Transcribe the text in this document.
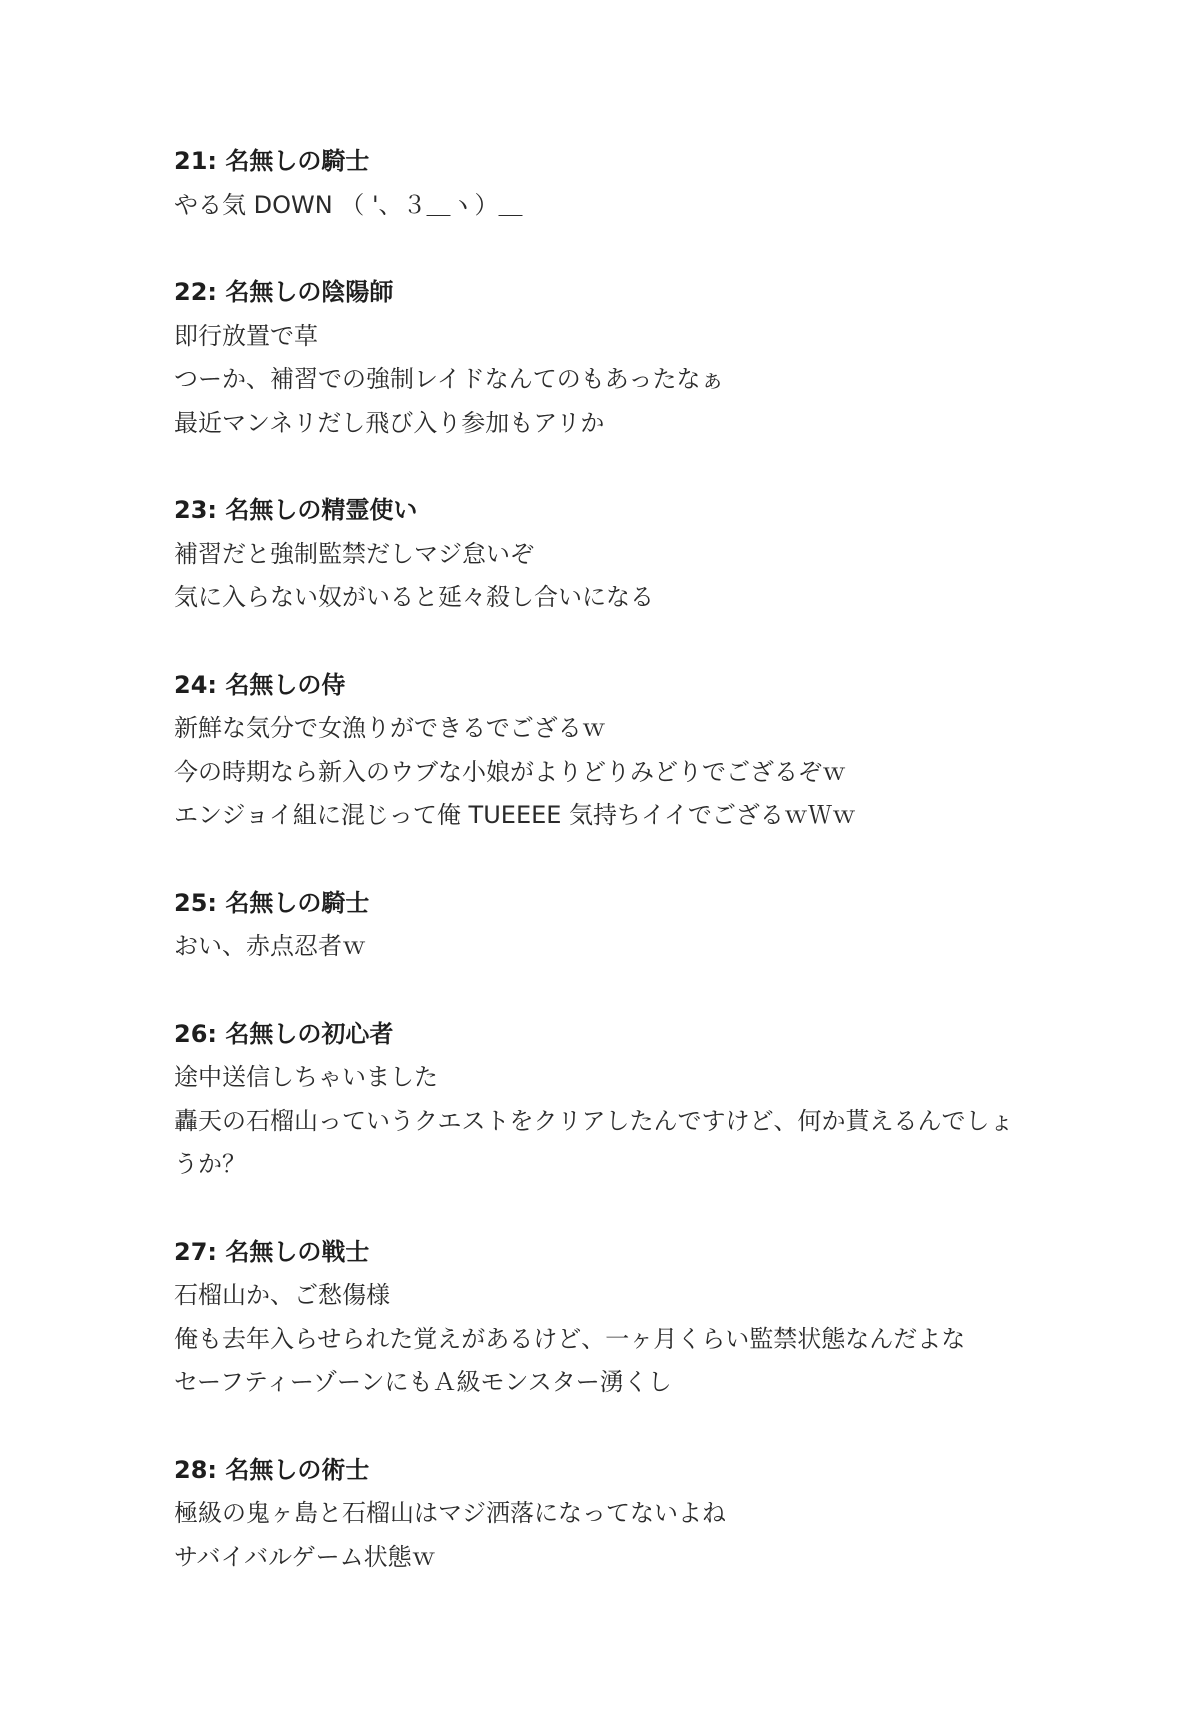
21: 名無しの騎士
やる気 DOWN （ '、３＿ヽ）＿
22: 名無しの陰陽師
即行放置で草
つーか、補習での強制レイドなんてのもあったなぁ
最近マンネリだし飛び入り参加もアリか
23: 名無しの精霊使い
補習だと強制監禁だしマジ怠いぞ
気に入らない奴がいると延々殺し合いになる
24: 名無しの侍
新鮮な気分で女漁りができるでござるｗ
今の時期なら新入のウブな小娘がよりどりみどりでござるぞｗ
エンジョイ組に混じって俺 TUEEEE 気持ちイイでござるｗＷｗ
25: 名無しの騎士
おい、赤点忍者ｗ
26: 名無しの初心者
途中送信しちゃいました
轟天の石榴山っていうクエストをクリアしたんですけど、何か貰えるんでしょ
うか？
27: 名無しの戦士
石榴山か、ご愁傷様
俺も去年入らせられた覚えがあるけど、一ヶ月くらい監禁状態なんだよな
セーフティーゾーンにもＡ級モンスター湧くし
28: 名無しの術士
極級の鬼ヶ島と石榴山はマジ洒落になってないよね
サバイバルゲーム状態ｗ
